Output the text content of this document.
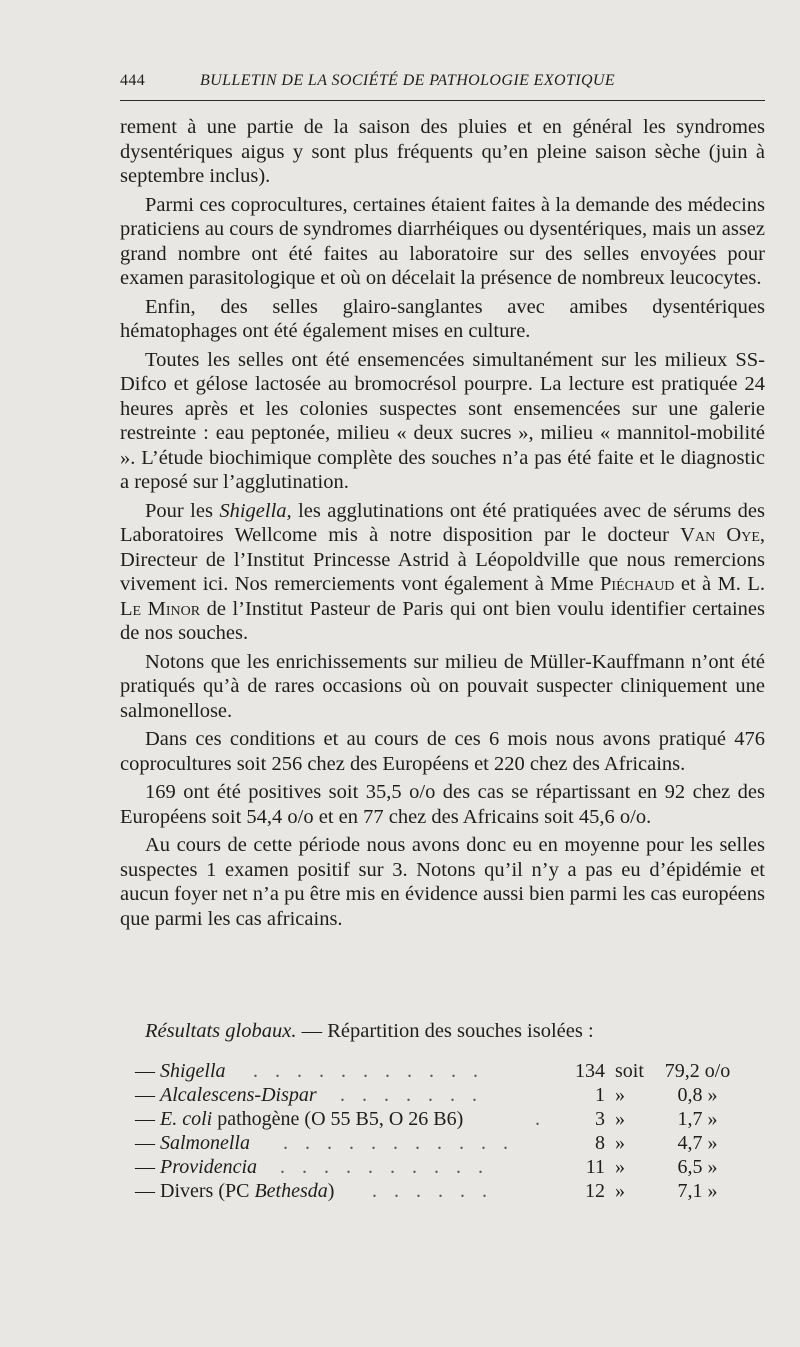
444	BULLETIN DE LA SOCIÉTÉ DE PATHOLOGIE EXOTIQUE

rement à une partie de la saison des pluies et en général les syndromes dysentériques aigus y sont plus fréquents qu’en pleine saison sèche (juin à septembre inclus).

Parmi ces coprocultures, certaines étaient faites à la demande des médecins praticiens au cours de syndromes diarrhéiques ou dysentériques, mais un assez grand nombre ont été faites au laboratoire sur des selles envoyées pour examen parasitologique et où on décelait la présence de nombreux leucocytes.

Enfin, des selles glairo-sanglantes avec amibes dysentériques hématophages ont été également mises en culture.

Toutes les selles ont été ensemencées simultanément sur les milieux SS-Difco et gélose lactosée au bromocrésol pourpre. La lecture est pratiquée 24 heures après et les colonies suspectes sont ensemencées sur une galerie restreinte : eau peptonée, milieu « deux sucres », milieu « mannitol-mobilité ». L’étude biochimique complète des souches n’a pas été faite et le diagnostic a reposé sur l’agglutination.

Pour les Shigella, les agglutinations ont été pratiquées avec de sérums des Laboratoires Wellcome mis à notre disposition par le docteur Van Oye, Directeur de l’Institut Princesse Astrid à Léopoldville que nous remercions vivement ici. Nos remerciements vont également à Mme Piéchaud et à M. L. Le Minor de l’Institut Pasteur de Paris qui ont bien voulu identifier certaines de nos souches.

Notons que les enrichissements sur milieu de Müller-Kauffmann n’ont été pratiqués qu’à de rares occasions où on pouvait suspecter cliniquement une salmonellose.

Dans ces conditions et au cours de ces 6 mois nous avons pratiqué 476 coprocultures soit 256 chez des Européens et 220 chez des Africains.

169 ont été positives soit 35,5 o/o des cas se répartissant en 92 chez des Européens soit 54,4 o/o et en 77 chez des Africains soit 45,6 o/o.

Au cours de cette période nous avons donc eu en moyenne pour les selles suspectes 1 examen positif sur 3. Notons qu’il n’y a pas eu d’épidémie et aucun foyer net n’a pu être mis en évidence aussi bien parmi les cas européens que parmi les cas africains.

Résultats globaux. — Répartition des souches isolées :
— Shigella . . . . . . . . . . .	134 soit	79,2 o/o
— Alcalescens-Dispar . . . . . . .	1 »	0,8 »
— E. coli pathogène (O 55 B5, O 26 B6)	.	3 »	1,7 »
— Salmonella . . . . . . . . . . .	8 »	4,7 »
— Providencia . . . . . . . . . .	11 »	6,5 »
— Divers (PC Bethesda) . . . . . .	12 »	7,1 »
